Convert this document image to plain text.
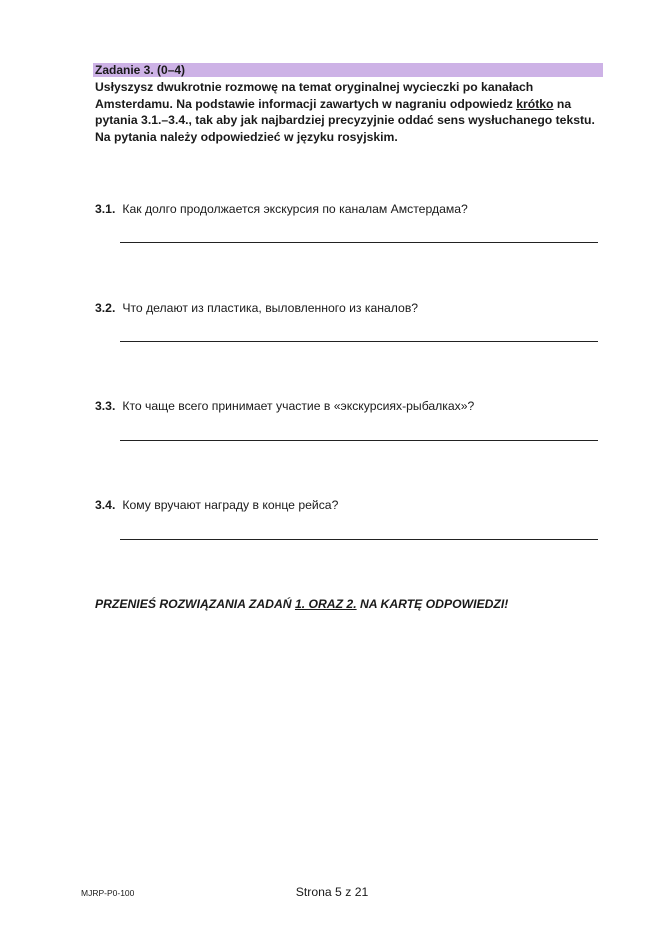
Zadanie 3. (0–4)
Usłyszysz dwukrotnie rozmowę na temat oryginalnej wycieczki po kanałach Amsterdamu. Na podstawie informacji zawartych w nagraniu odpowiedz krótko na pytania 3.1.–3.4., tak aby jak najbardziej precyzyjnie oddać sens wysłuchanego tekstu. Na pytania należy odpowiedzieć w języku rosyjskim.
3.1. Как долго продолжается экскурсия по каналам Амстердама?
3.2. Что делают из пластика, выловленного из каналов?
3.3. Кто чаще всего принимает участие в «экскурсиях-рыбалках»?
3.4. Кому вручают награду в конце рейса?
PRZENIEŚ ROZWIĄZANIA ZADAŃ 1. ORAZ 2. NA KARTĘ ODPOWIEDZI!
MJRP-P0-100	Strona 5 z 21
